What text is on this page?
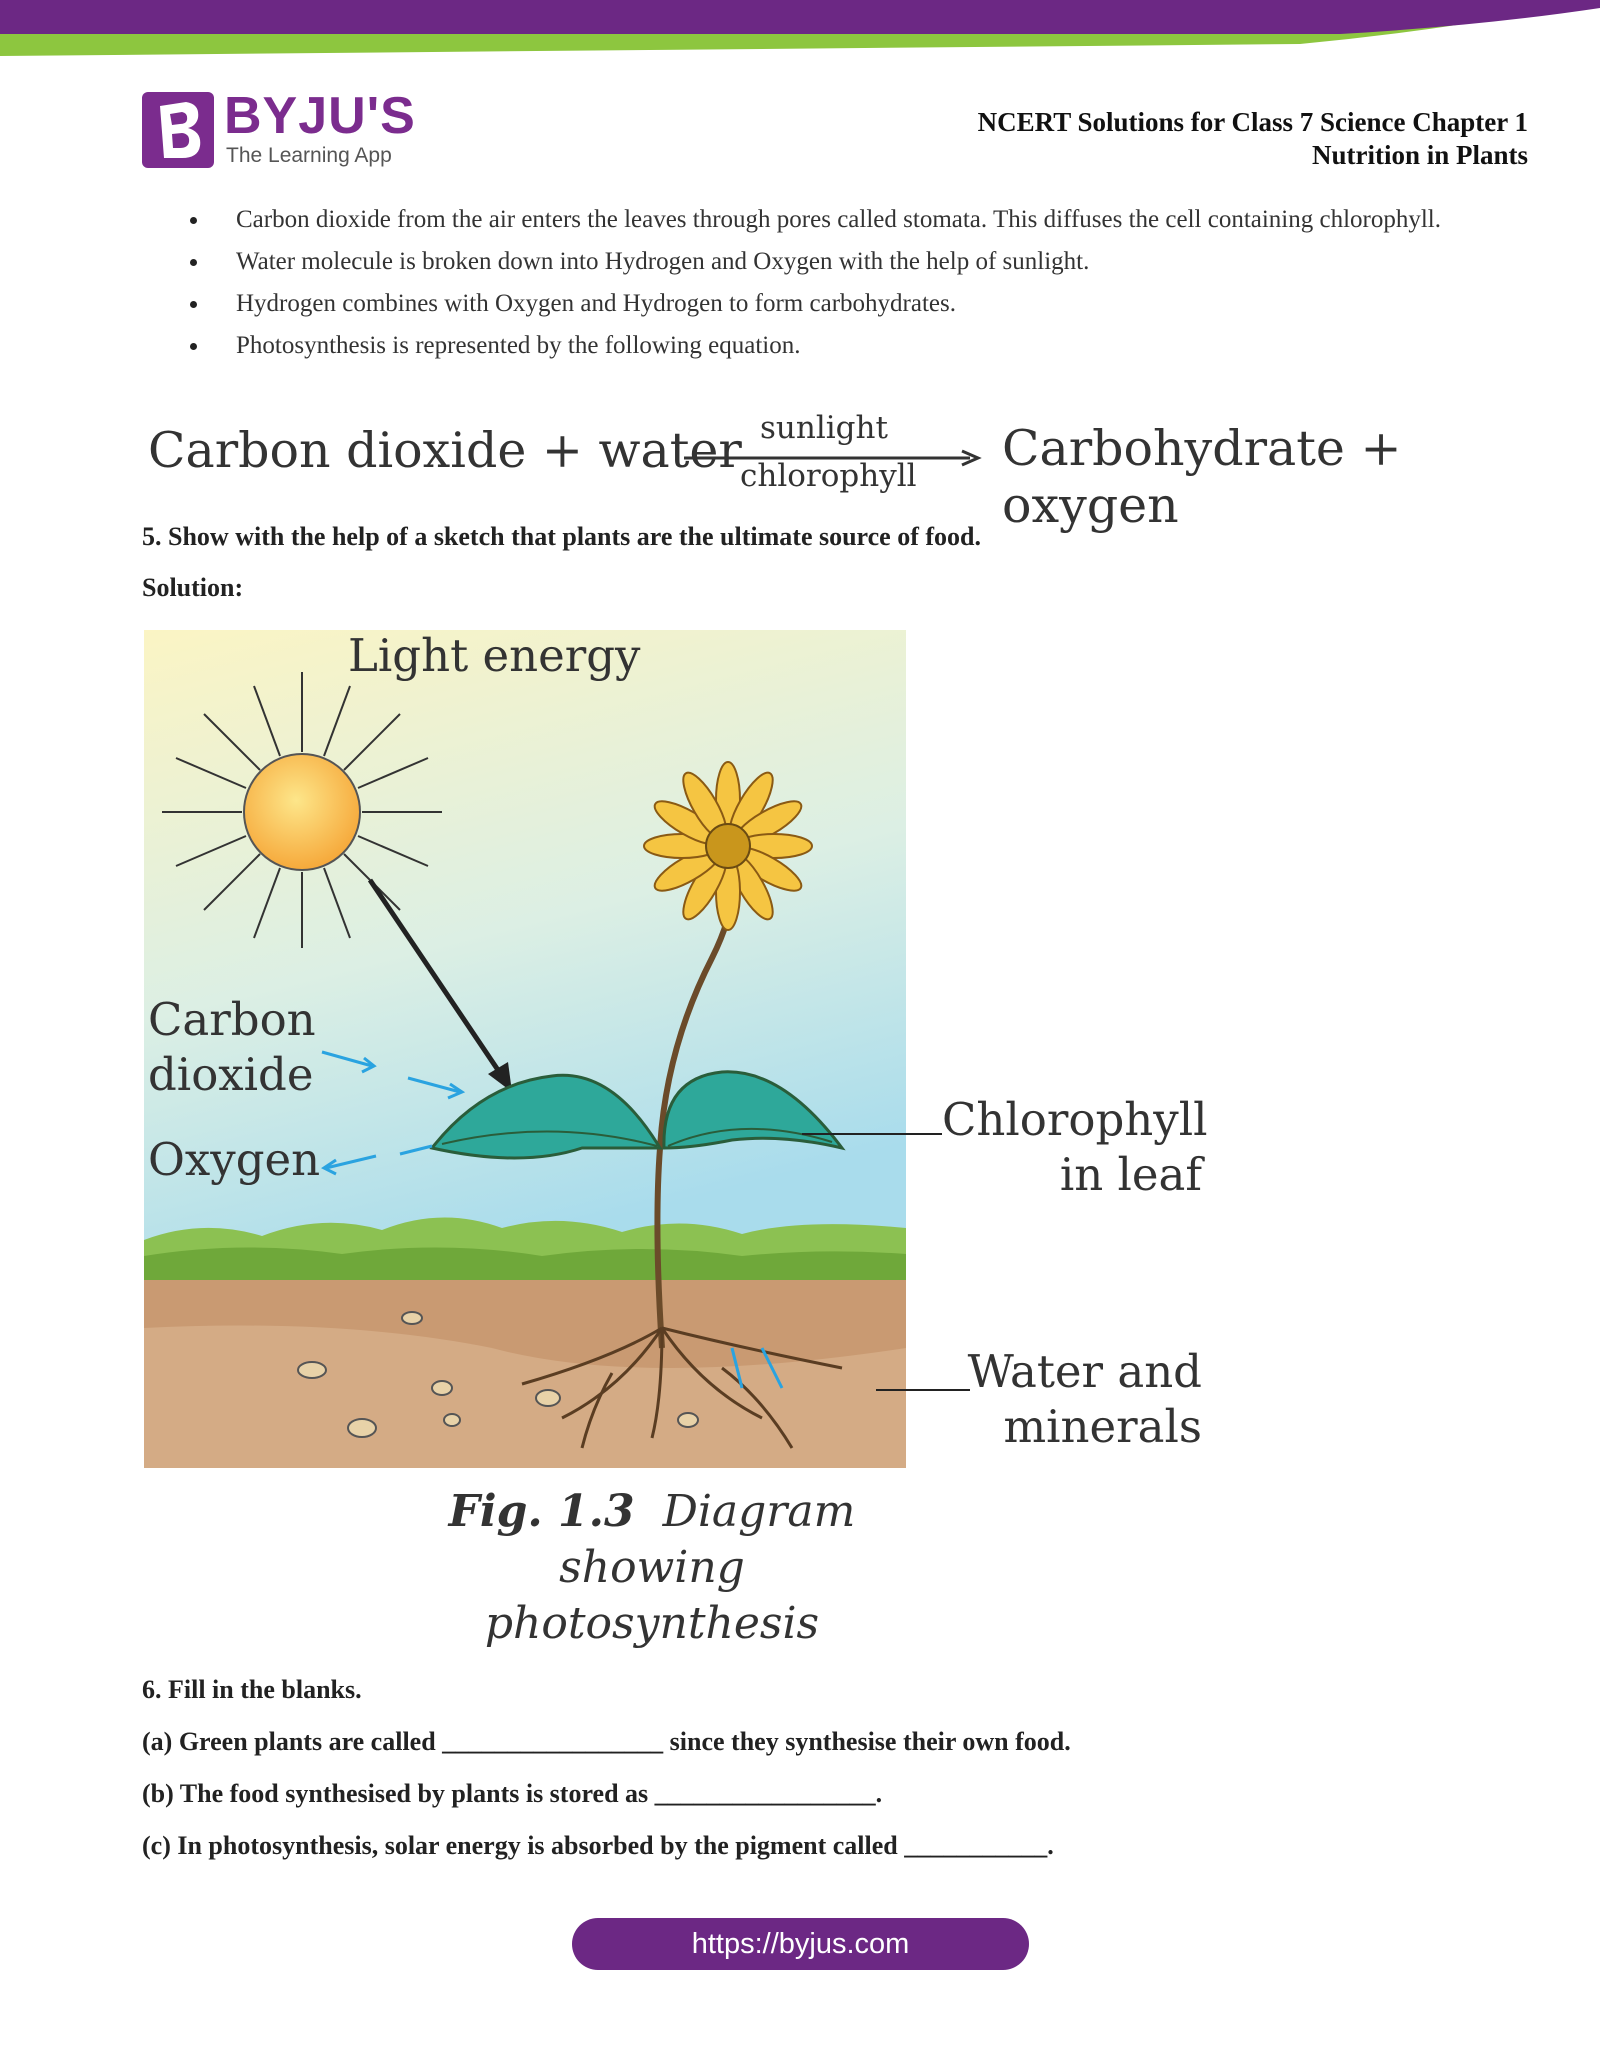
BYJU'S
The Learning App
NCERT Solutions for Class 7 Science Chapter 1
Nutrition in Plants
Carbon dioxide from the air enters the leaves through pores called stomata. This diffuses the cell containing chlorophyll.
Water molecule is broken down into Hydrogen and Oxygen with the help of sunlight.
Hydrogen combines with Oxygen and Hydrogen to form carbohydrates.
Photosynthesis is represented by the following equation.
Carbon dioxide + water sunlight
chlorophyll Carbohydrate + oxygen
5. Show with the help of a sketch that plants are the ultimate source of food.
Solution:
Light energy
Carbon
dioxide
Oxygen
Chlorophyll
in leaf
Water and
minerals
Fig. 1.3 Diagram showing
photosynthesis
6. Fill in the blanks.
(a) Green plants are called _________________ since they synthesise their own food.
(b) The food synthesised by plants is stored as _________________.
(c) In photosynthesis, solar energy is absorbed by the pigment called ___________.
https://byjus.com
